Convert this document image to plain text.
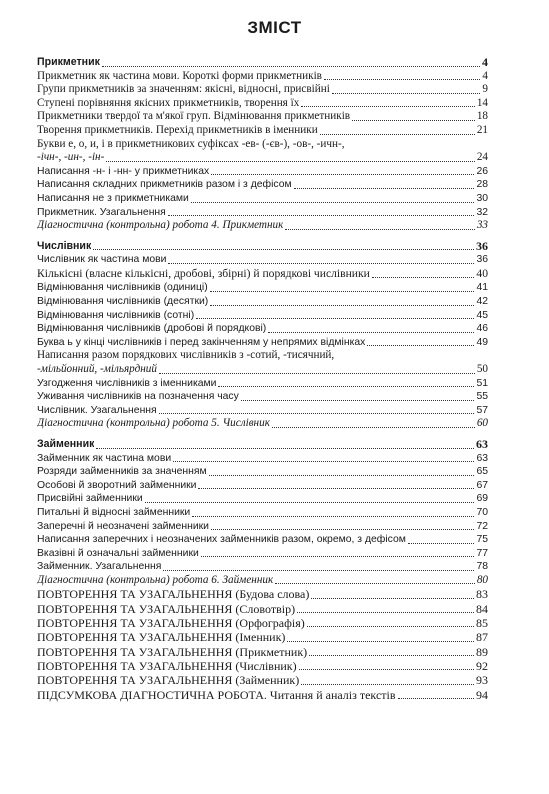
ЗМІСТ
Прикметник	4
Прикметник як частина мови. Короткі форми прикметників	4
Групи прикметників за значенням: якісні, відносні, присвійні	9
Ступені порівняння якісних прикметників, творення їх	14
Прикметники твердої та м'якої груп. Відмінювання прикметників	18
Творення прикметників. Перехід прикметників в іменники	21
Букви е, о, и, і в прикметникових суфіксах -ев- (-єв-), -ов-, -ичн-,
-ічн-, -ин-, -ін-	24
Написання -н- і -нн- у прикметниках	26
Написання складних прикметників разом і з дефісом	28
Написання не з прикметниками	30
Прикметник. Узагальнення	32
Діагностична (контрольна) робота 4. Прикметник	33
Числівник	36
Числівник як частина мови	36
Кількісні (власне кількісні, дробові, збірні) й порядкові числівники	40
Відмінювання числівників (одиниці)	41
Відмінювання числівників (десятки)	42
Відмінювання числівників (сотні)	45
Відмінювання числівників (дробові й порядкові)	46
Буква ь у кінці числівників і перед закінченням у непрямих відмінках	49
Написання разом порядкових числівників з -сотий, -тисячний,
-мільйонний, -мільярдний	50
Узгодження числівників з іменниками	51
Уживання числівників на позначення часу	55
Числівник. Узагальнення	57
Діагностична (контрольна) робота 5. Числівник	60
Займенник	63
Займенник як частина мови	63
Розряди займенників за значенням	65
Особові й зворотний займенники	67
Присвійні займенники	69
Питальні й відносні займенники	70
Заперечні й неозначені займенники	72
Написання заперечних і неозначених займенників разом, окремо, з дефісом	75
Вказівні й означальні займенники	77
Займенник. Узагальнення	78
Діагностична (контрольна) робота 6. Займенник	80
ПОВТОРЕННЯ ТА УЗАГАЛЬНЕННЯ (Будова слова)	83
ПОВТОРЕННЯ ТА УЗАГАЛЬНЕННЯ (Словотвір)	84
ПОВТОРЕННЯ ТА УЗАГАЛЬНЕННЯ (Орфографія)	85
ПОВТОРЕННЯ ТА УЗАГАЛЬНЕННЯ (Іменник)	87
ПОВТОРЕННЯ ТА УЗАГАЛЬНЕННЯ (Прикметник)	89
ПОВТОРЕННЯ ТА УЗАГАЛЬНЕННЯ (Числівник)	92
ПОВТОРЕННЯ ТА УЗАГАЛЬНЕННЯ (Займенник)	93
ПІДСУМКОВА ДІАГНОСТИЧНА РОБОТА. Читання й аналіз текстів	94
